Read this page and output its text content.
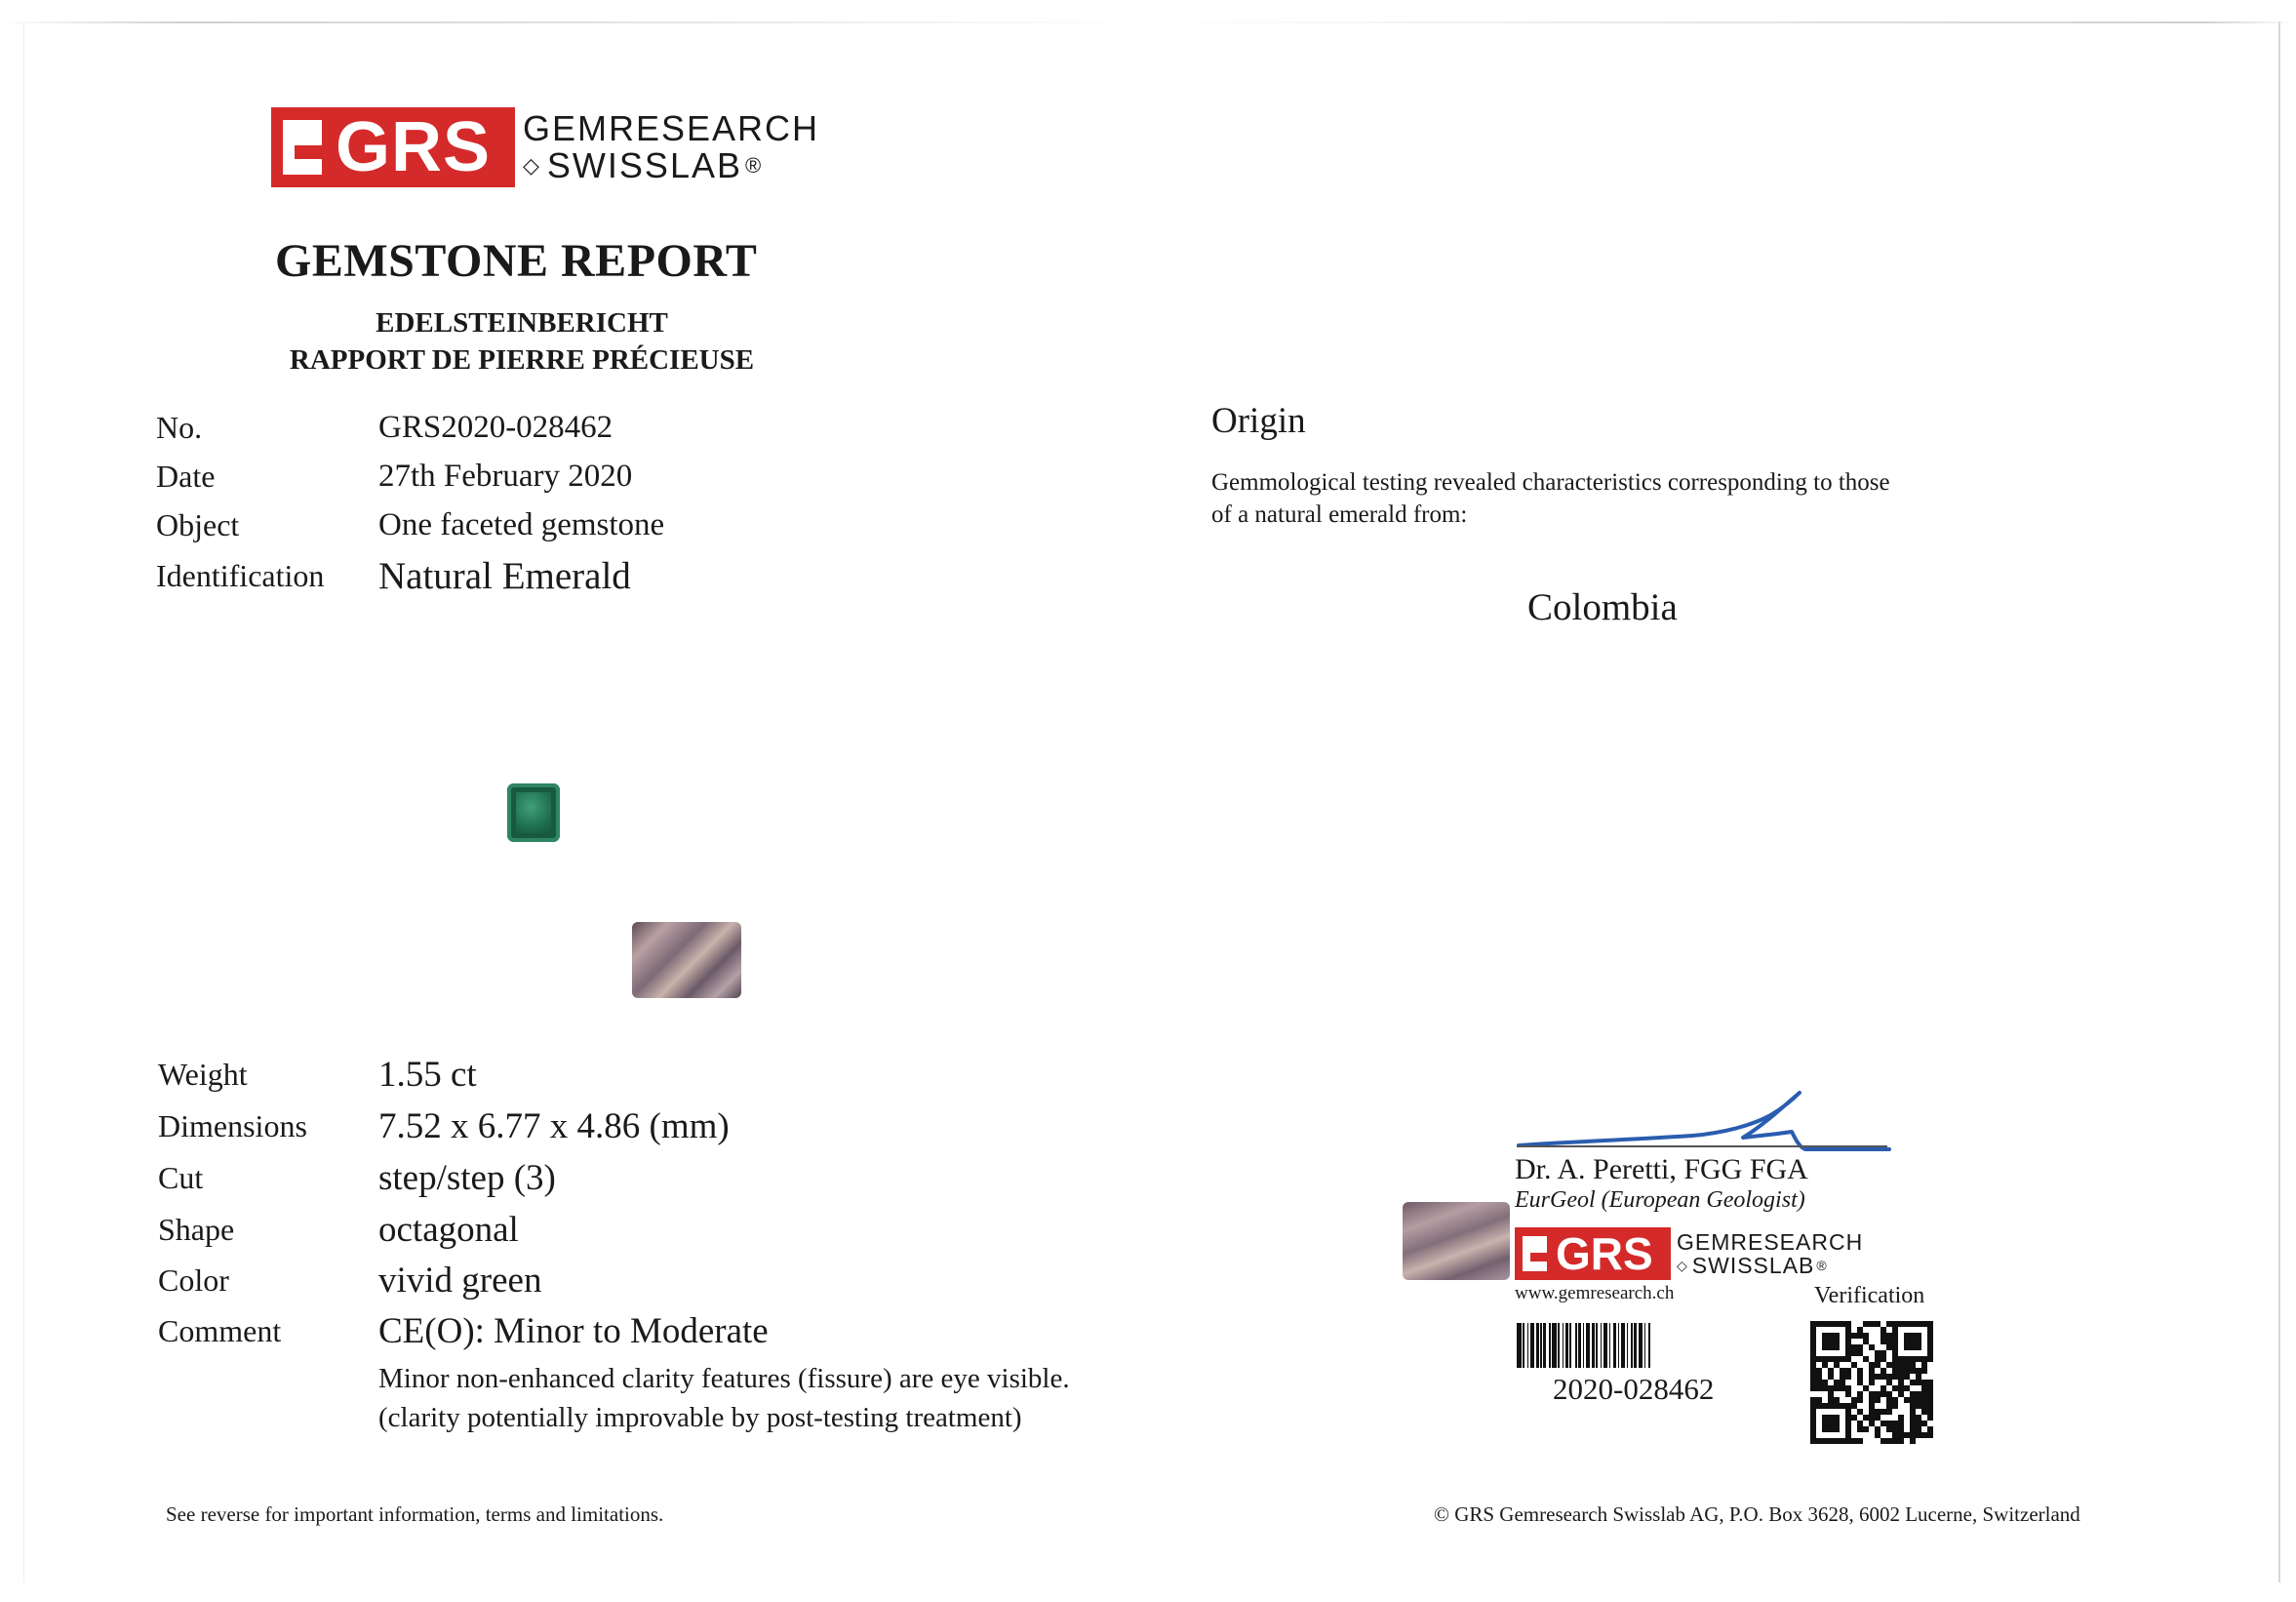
GRS GEMRESEARCH
◇ SWISSLAB ®
GEMSTONE REPORT
EDELSTEINBERICHT
RAPPORT DE PIERRE PRÉCIEUSE
No.	GRS2020-028462
Date	27th February 2020
Object	One faceted gemstone
Identification Natural Emerald
Weight	1.55 ct
Dimensions 7.52 x 6.77 x 4.86 (mm)
Cut	step/step (3)
Shape	octagonal
Color	vivid green
Comment	CE(O): Minor to Moderate
Minor non-enhanced clarity features (fissure) are eye visible.
(clarity potentially improvable by post-testing treatment)
Origin
Gemmological testing revealed characteristics corresponding to those
of a natural emerald from:
Colombia
Dr. A. Peretti, FGG FGA
EurGeol (European Geologist)
GRS GEMRESEARCH
◇ SWISSLAB ®
www.gemresearch.ch	Verification
2020-028462
See reverse for important information, terms and limitations.	© GRS Gemresearch Swisslab AG, P.O. Box 3628, 6002 Lucerne, Switzerland
